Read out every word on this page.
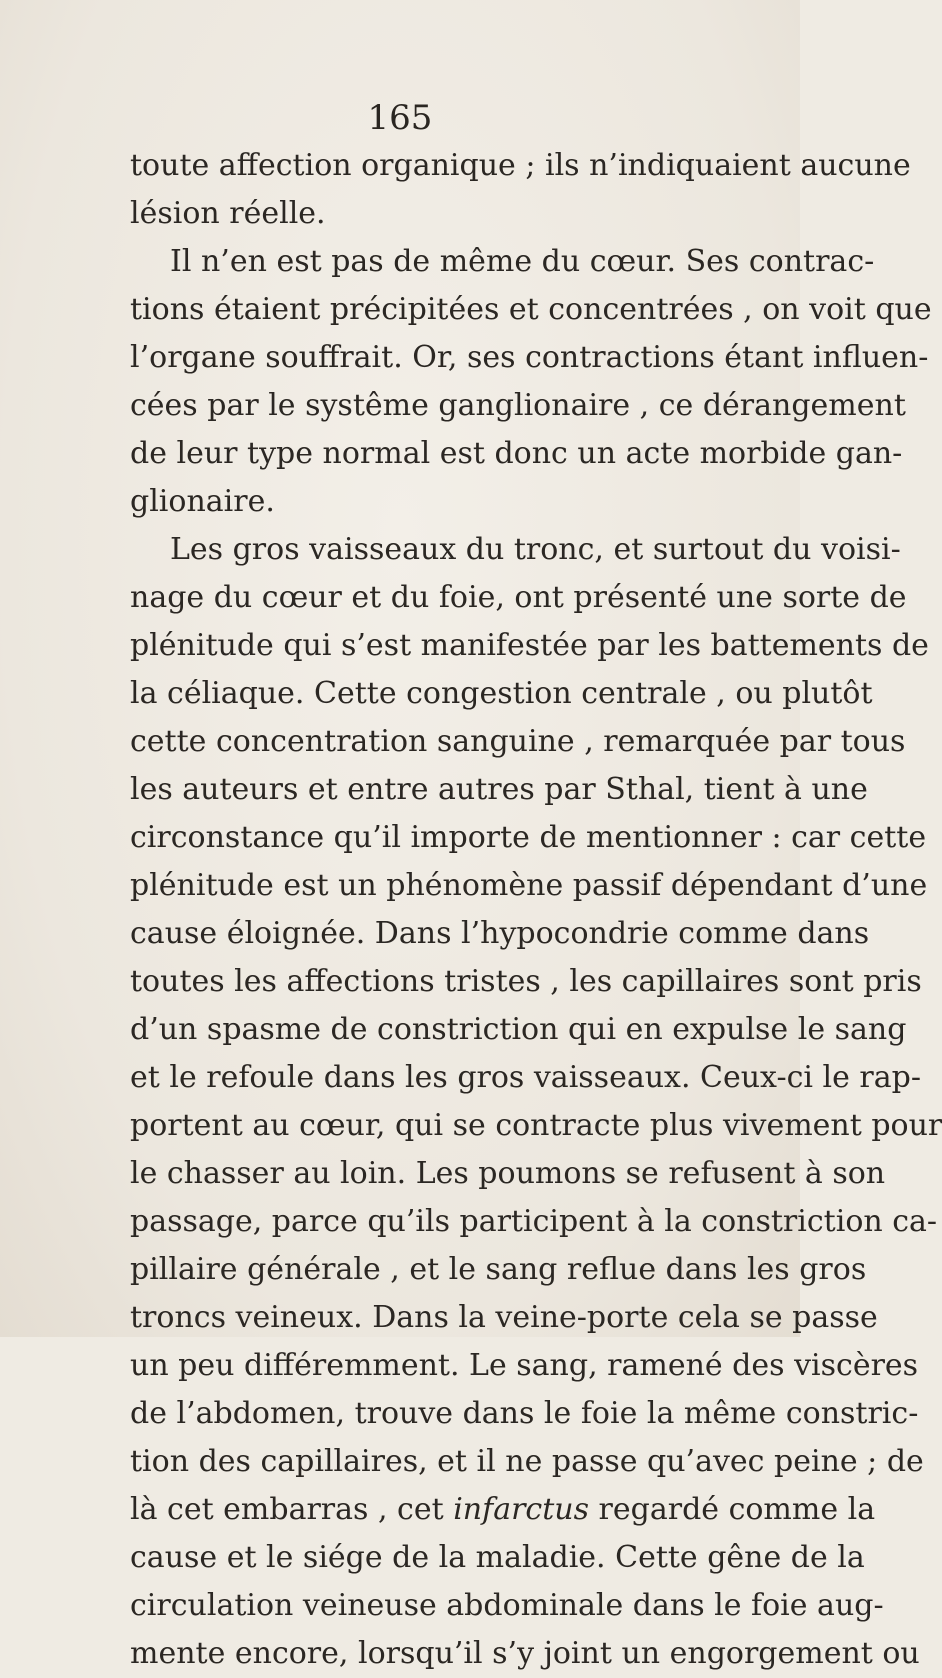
165
toute affection organique ; ils n’indiquaient aucune
lésion réelle.
Il n’en est pas de même du cœur. Ses contrac-
tions étaient précipitées et concentrées , on voit que
l’organe souffrait. Or, ses contractions étant influen-
cées par le systême ganglionaire , ce dérangement
de leur type normal est donc un acte morbide gan-
glionaire.
Les gros vaisseaux du tronc, et surtout du voisi-
nage du cœur et du foie, ont présenté une sorte de
plénitude qui s’est manifestée par les battements de
la céliaque. Cette congestion centrale , ou plutôt
cette concentration sanguine , remarquée par tous
les auteurs et entre autres par Sthal, tient à une
circonstance qu’il importe de mentionner : car cette
plénitude est un phénomène passif dépendant d’une
cause éloignée. Dans l’hypocondrie comme dans
toutes les affections tristes , les capillaires sont pris
d’un spasme de constriction qui en expulse le sang
et le refoule dans les gros vaisseaux. Ceux-ci le rap-
portent au cœur, qui se contracte plus vivement pour
le chasser au loin. Les poumons se refusent à son
passage, parce qu’ils participent à la constriction ca-
pillaire générale , et le sang reflue dans les gros
troncs veineux. Dans la veine-porte cela se passe
un peu différemment. Le sang, ramené des viscères
de l’abdomen, trouve dans le foie la même constric-
tion des capillaires, et il ne passe qu’avec peine ; de
là cet embarras , cet infarctus regardé comme la
cause et le siége de la maladie. Cette gêne de la
circulation veineuse abdominale dans le foie aug-
mente encore, lorsqu’il s’y joint un engorgement ou
